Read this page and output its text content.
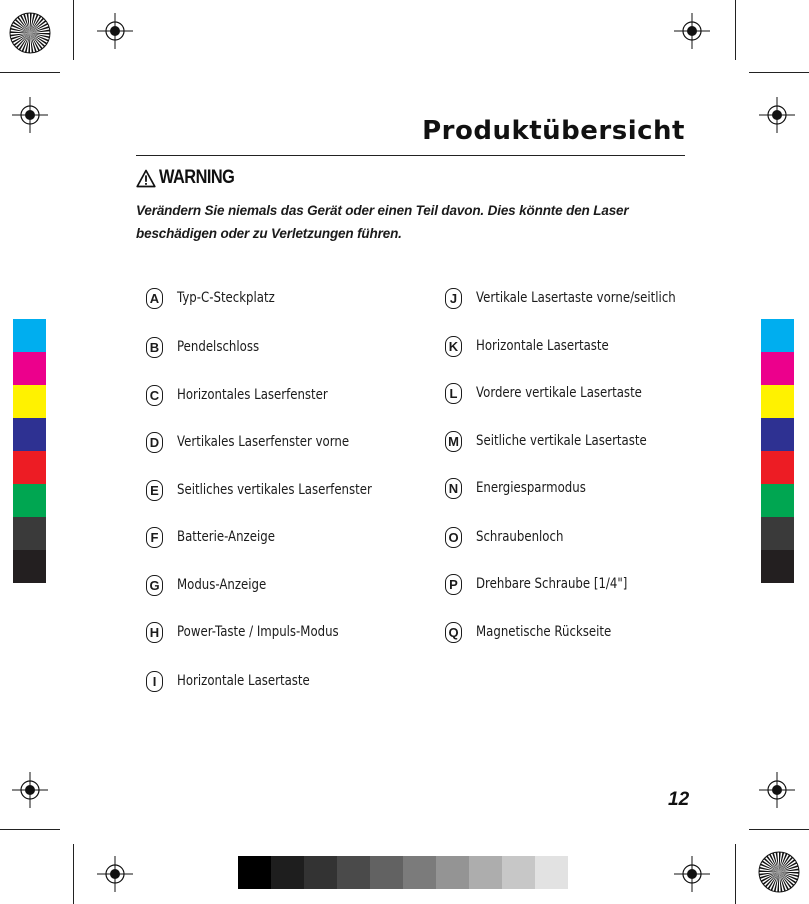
Produktübersicht
WARNING
Verändern Sie niemals das Gerät oder einen Teil davon. Dies könnte den Laser beschädigen oder zu Verletzungen führen.
A Typ-C-Steckplatz
B Pendelschloss
C Horizontales Laserfenster
D Vertikales Laserfenster vorne
E Seitliches vertikales Laserfenster
F	Batterie-Anzeige
G Modus-Anzeige
H Power-Taste / Impuls-Modus
I	Horizontale Lasertaste
J	Vertikale Lasertaste vorne/seitlich
K Horizontale Lasertaste
L	Vordere vertikale Lasertaste
M Seitliche vertikale Lasertaste
N Energiesparmodus
O Schraubenloch
P Drehbare Schraube [1/4"]
Q Magnetische Rückseite
12
